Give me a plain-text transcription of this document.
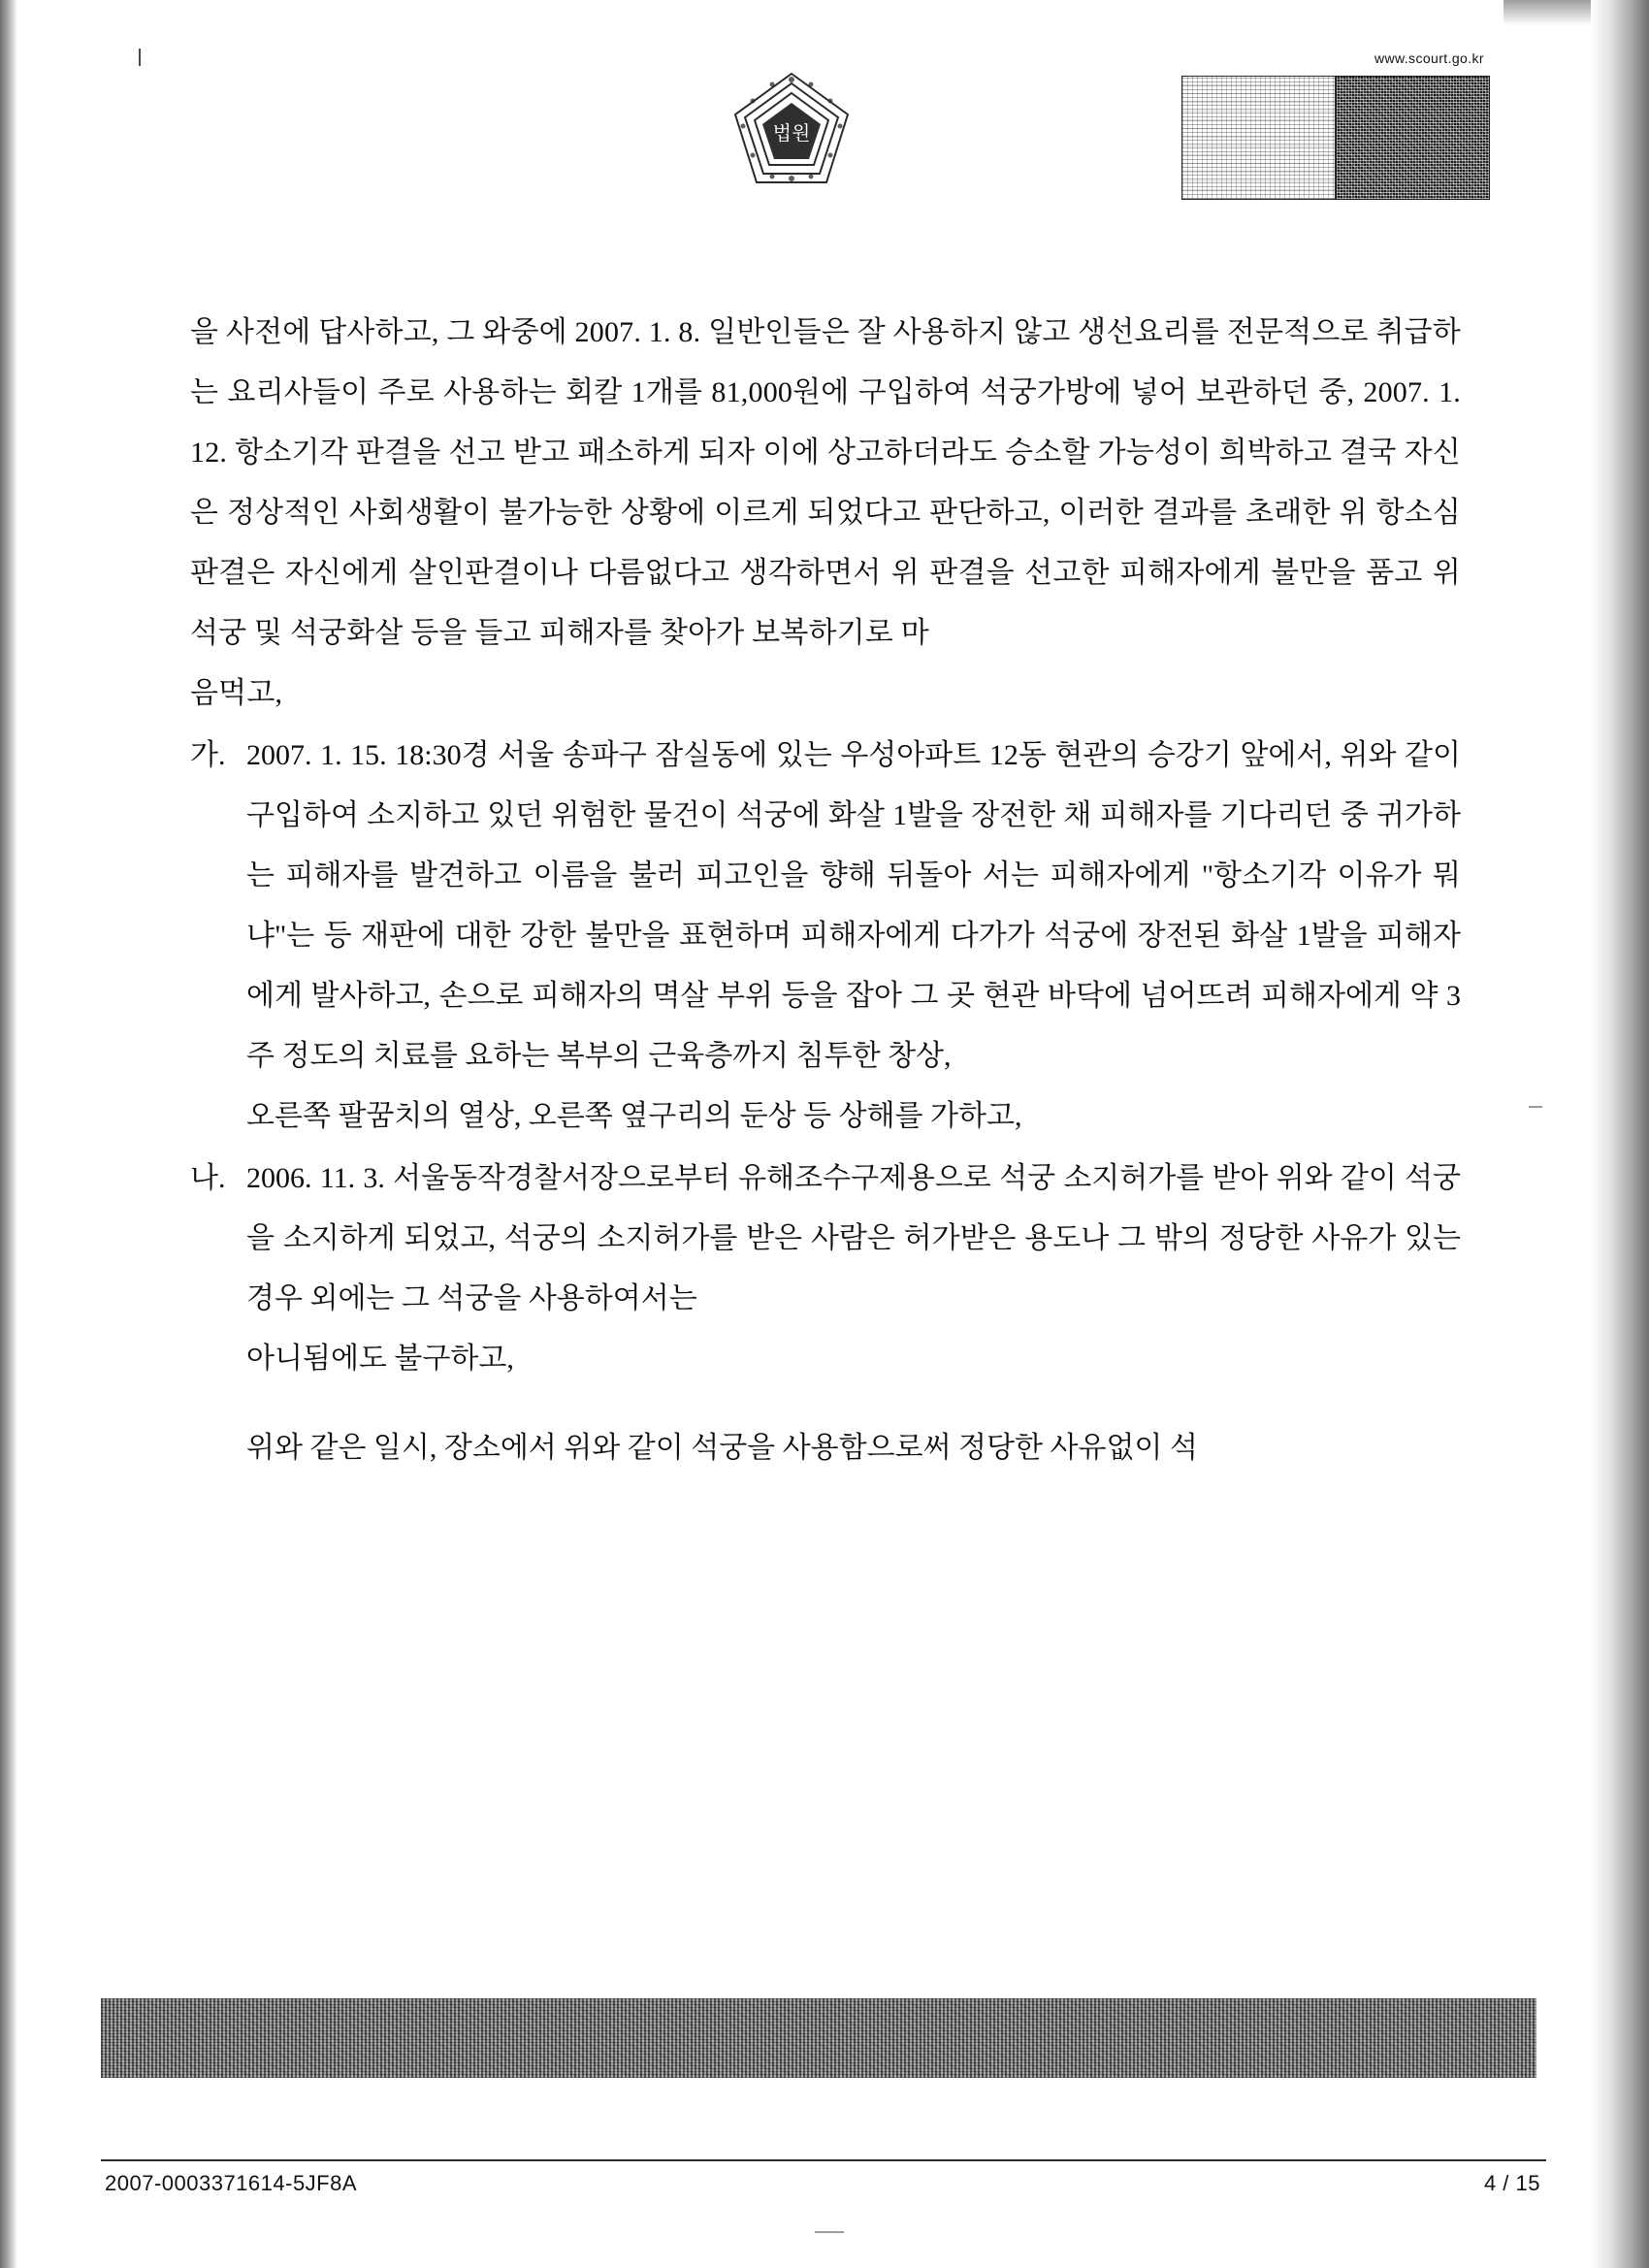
법원
www.scourt.go.kr

을 사전에 답사하고, 그 와중에 2007. 1. 8. 일반인들은 잘 사용하지 않고 생선요리를 전문적으로 취급하는 요리사들이 주로 사용하는 회칼 1개를 81,000원에 구입하여 석궁가방에 넣어 보관하던 중, 2007. 1. 12. 항소기각 판결을 선고 받고 패소하게 되자 이에 상고하더라도 승소할 가능성이 희박하고 결국 자신은 정상적인 사회생활이 불가능한 상황에 이르게 되었다고 판단하고, 이러한 결과를 초래한 위 항소심 판결은 자신에게 살인판결이나 다름없다고 생각하면서 위 판결을 선고한 피해자에게 불만을 품고 위 석궁 및 석궁화살 등을 들고 피해자를 찾아가 보복하기로 마

음먹고,

가. 2007. 1. 15. 18:30경 서울 송파구 잠실동에 있는 우성아파트 12동 현관의 승강기 앞에서, 위와 같이 구입하여 소지하고 있던 위험한 물건이 석궁에 화살 1발을 장전한 채 피해자를 기다리던 중 귀가하는 피해자를 발견하고 이름을 불러 피고인을 향해 뒤돌아 서는 피해자에게 "항소기각 이유가 뭐냐"는 등 재판에 대한 강한 불만을 표현하며 피해자에게 다가가 석궁에 장전된 화살 1발을 피해자에게 발사하고, 손으로 피해자의 멱살 부위 등을 잡아 그 곳 현관 바닥에 넘어뜨려 피해자에게 약 3주 정도의 치료를 요하는 복부의 근육층까지 침투한 창상,
오른쪽 팔꿈치의 열상, 오른쪽 옆구리의 둔상 등 상해를 가하고,
나. 2006. 11. 3. 서울동작경찰서장으로부터 유해조수구제용으로 석궁 소지허가를 받아 위와 같이 석궁을 소지하게 되었고, 석궁의 소지허가를 받은 사람은 허가받은 용도나 그 밖의 정당한 사유가 있는 경우 외에는 그 석궁을 사용하여서는
아니됨에도 불구하고,

위와 같은 일시, 장소에서 위와 같이 석궁을 사용함으로써 정당한 사유없이 석

2007-0003371614-5JF8A	4 / 15
